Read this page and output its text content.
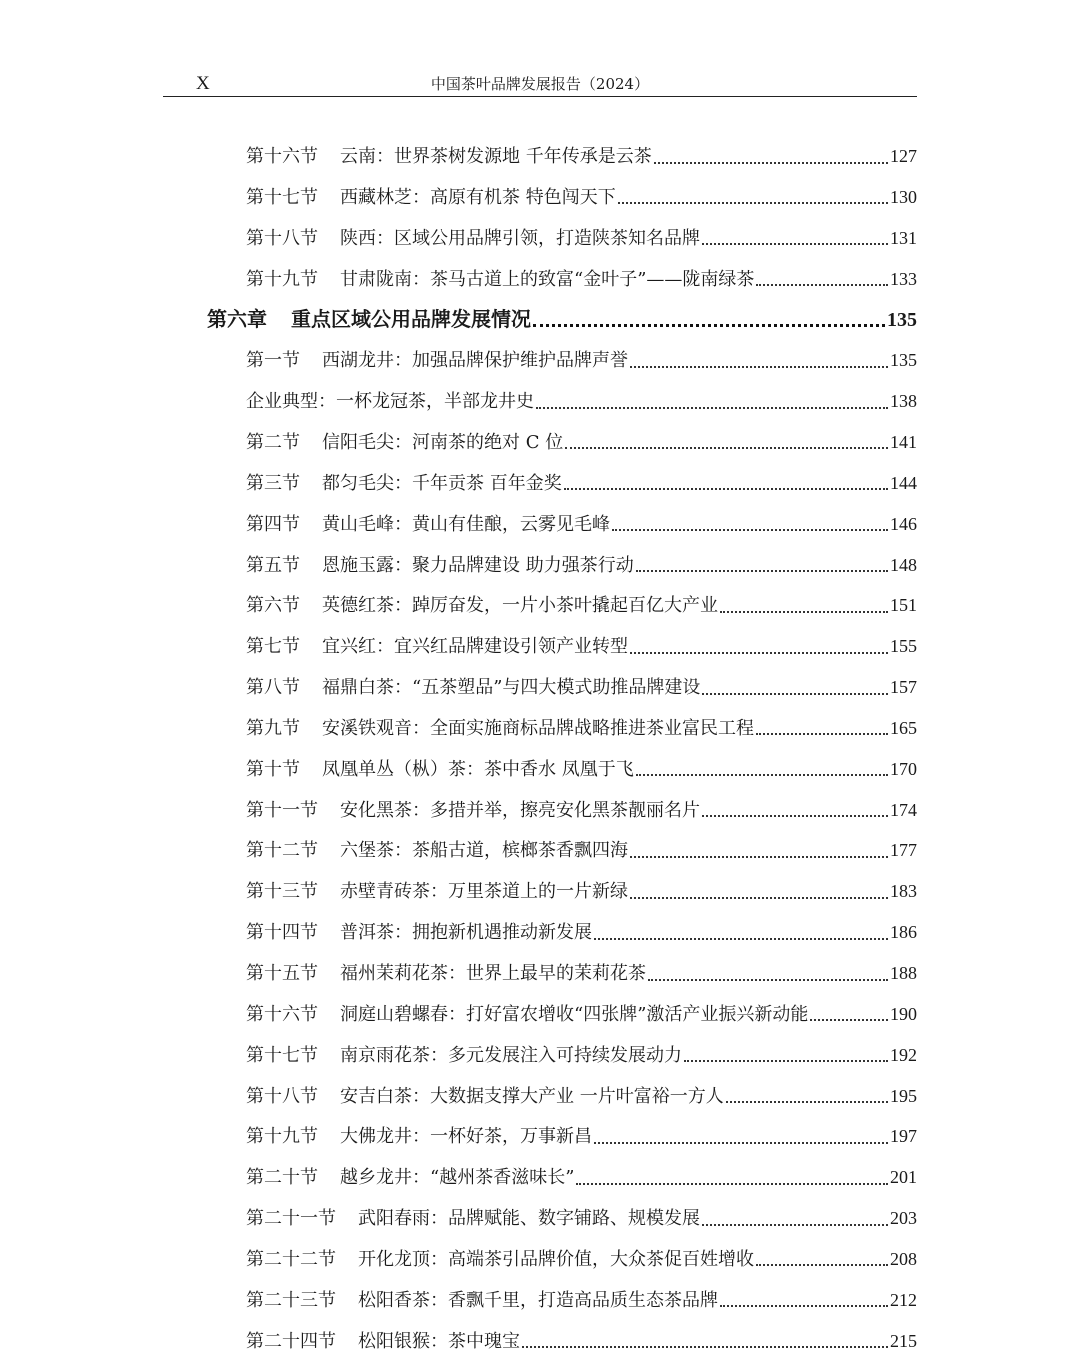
X	中国茶叶品牌发展报告（2024）
第十六节 云南：世界茶树发源地 千年传承是云茶	127
第十七节 西藏林芝：高原有机茶 特色闯天下	130
第十八节 陕西：区域公用品牌引领，打造陕茶知名品牌	131
第十九节 甘肃陇南：茶马古道上的致富“金叶子”——陇南绿茶	133
第六章 重点区域公用品牌发展情况	135
第一节 西湖龙井：加强品牌保护维护品牌声誉	135
企业典型：一杯龙冠茶，半部龙井史	138
第二节 信阳毛尖：河南茶的绝对 C 位	141
第三节 都匀毛尖：千年贡茶 百年金奖	144
第四节 黄山毛峰：黄山有佳酿，云雾见毛峰	146
第五节 恩施玉露：聚力品牌建设 助力强茶行动	148
第六节 英德红茶：踔厉奋发，一片小茶叶撬起百亿大产业	151
第七节 宜兴红：宜兴红品牌建设引领产业转型	155
第八节 福鼎白茶：“五茶塑品”与四大模式助推品牌建设	157
第九节 安溪铁观音：全面实施商标品牌战略推进茶业富民工程	165
第十节 凤凰单丛（枞）茶：茶中香水 凤凰于飞	170
第十一节 安化黑茶：多措并举，擦亮安化黑茶靓丽名片	174
第十二节 六堡茶：茶船古道，槟榔茶香飘四海	177
第十三节 赤壁青砖茶：万里茶道上的一片新绿	183
第十四节 普洱茶：拥抱新机遇推动新发展	186
第十五节 福州茉莉花茶：世界上最早的茉莉花茶	188
第十六节 洞庭山碧螺春：打好富农增收“四张牌”激活产业振兴新动能	190
第十七节 南京雨花茶：多元发展注入可持续发展动力	192
第十八节 安吉白茶：大数据支撑大产业 一片叶富裕一方人	195
第十九节 大佛龙井：一杯好茶，万事新昌	197
第二十节 越乡龙井：“越州茶香滋味长”	201
第二十一节 武阳春雨：品牌赋能、数字铺路、规模发展	203
第二十二节 开化龙顶：高端茶引品牌价值，大众茶促百姓增收	208
第二十三节 松阳香茶：香飘千里，打造高品质生态茶品牌	212
第二十四节 松阳银猴：茶中瑰宝	215
